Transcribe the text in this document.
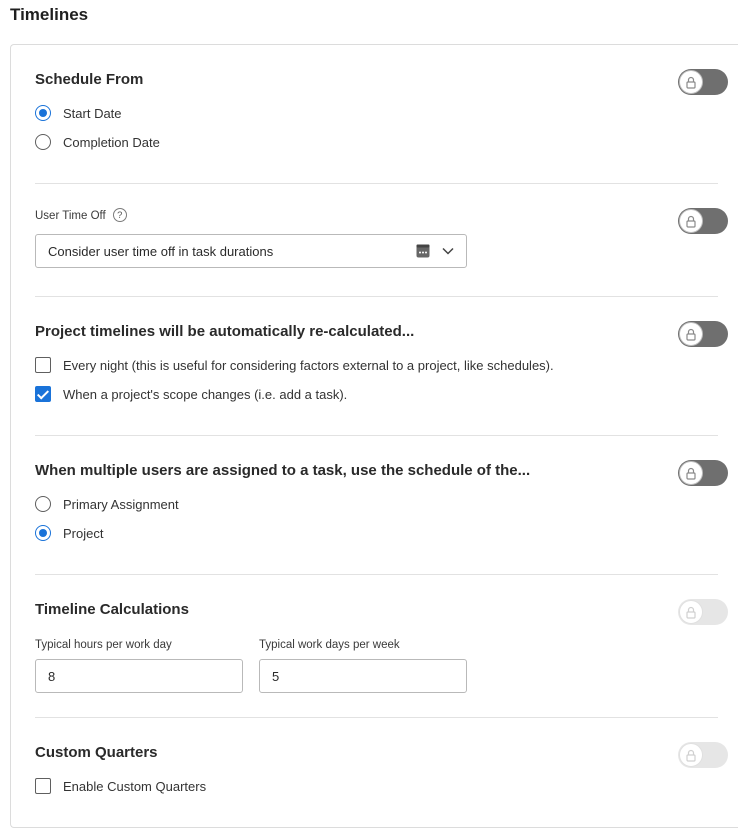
Timelines
Schedule From
Start Date
Completion Date
User Time Off ?
Consider user time off in task durations
Project timelines will be automatically re-calculated...
Every night (this is useful for considering factors external to a project, like schedules).
When a project's scope changes (i.e. add a task).
When multiple users are assigned to a task, use the schedule of the...
Primary Assignment
Project
Timeline Calculations
Typical hours per work day	Typical work days per week
8
5
Custom Quarters
Enable Custom Quarters
